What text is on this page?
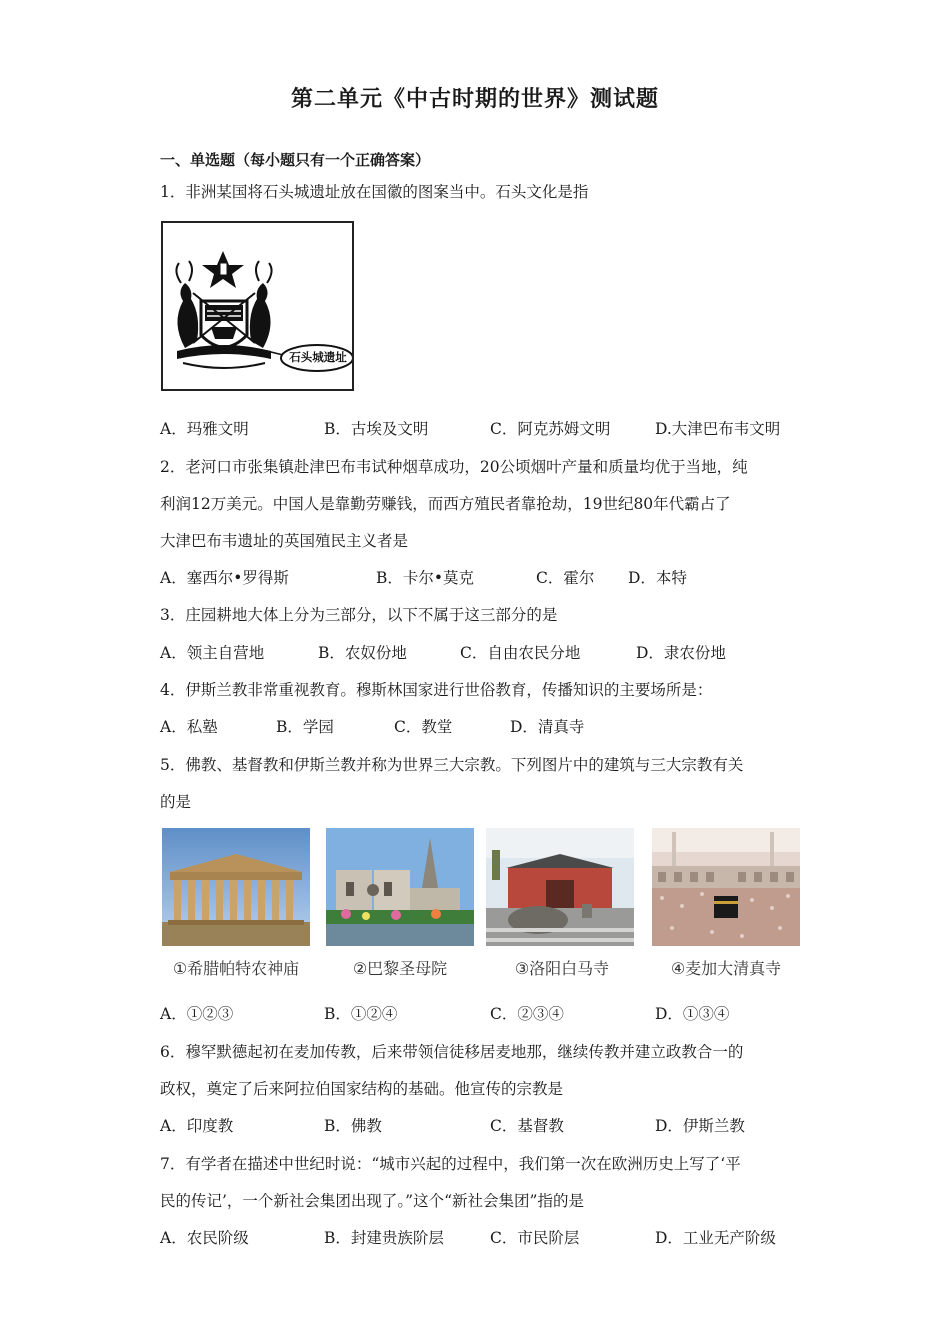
第二单元《中古时期的世界》测试题
一、单选题（每小题只有一个正确答案）
1．非洲某国将石头城遗址放在国徽的图案当中。石头文化是指
石头城遗址
A．玛雅文明	B．古埃及文明	C．阿克苏姆文明	D.大津巴布韦文明
2．老河口市张集镇赴津巴布韦试种烟草成功，20公顷烟叶产量和质量均优于当地，纯
利润12万美元。中国人是靠勤劳赚钱，而西方殖民者靠抢劫，19世纪80年代霸占了
大津巴布韦遗址的英国殖民主义者是
A．塞西尔•罗得斯	B．卡尔•莫克	C．霍尔 D．本特
3．庄园耕地大体上分为三部分，以下不属于这三部分的是
A．领主自营地	B．农奴份地	C．自由农民分地	D．隶农份地
4．伊斯兰教非常重视教育。穆斯林国家进行世俗教育，传播知识的主要场所是：
A．私塾	B．学园	C．教堂	D．清真寺
5．佛教、基督教和伊斯兰教并称为世界三大宗教。下列图片中的建筑与三大宗教有关
的是
①希腊帕特农神庙	②巴黎圣母院	③洛阳白马寺	④麦加大清真寺
A．①②③	B．①②④	C．②③④	D．①③④
6．穆罕默德起初在麦加传教，后来带领信徒移居麦地那，继续传教并建立政教合一的
政权，奠定了后来阿拉伯国家结构的基础。他宣传的宗教是
A．印度教	B．佛教	C．基督教	D．伊斯兰教
7．有学者在描述中世纪时说：“城市兴起的过程中，我们第一次在欧洲历史上写了‘平
民的传记’，一个新社会集团出现了。”这个“新社会集团”指的是
A．农民阶级	B．封建贵族阶层	C．市民阶层	D．工业无产阶级
